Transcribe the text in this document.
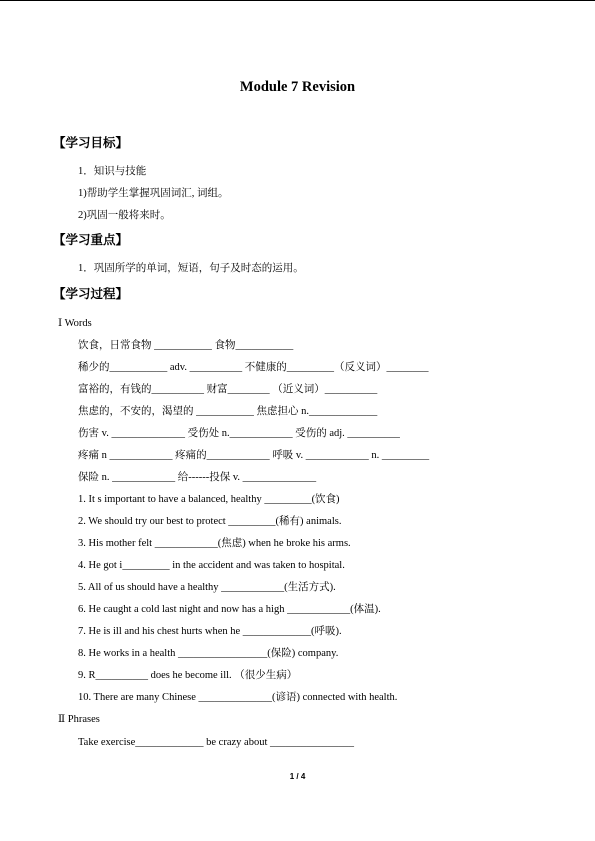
Module 7 Revision
【学习目标】
1．知识与技能
1)帮助学生掌握巩固词汇, 词组。
2)巩固一般将来时。
【学习重点】
1．巩固所学的单词，短语，句子及时态的运用。
【学习过程】
Ⅰ Words
饮食，日常食物 ___________ 食物___________
稀少的___________ adv. __________ 不健康的_________（反义词）________
富裕的，有钱的__________ 财富________ （近义词）__________
焦虑的，不安的，渴望的 ___________ 焦虑担心 n._____________
伤害 v. ______________ 受伤处 n.____________ 受伤的 adj. __________
疼痛 n ____________ 疼痛的____________ 呼吸 v. ____________ n. _________
保险 n. ____________ 给------投保 v. ______________
1. It s important to have a balanced, healthy _________(饮食)
2. We should try our best to protect _________(稀有) animals.
3. His mother felt ____________(焦虑) when he broke his arms.
4. He got i_________ in the accident and was taken to hospital.
5. All of us should have a healthy ____________(生活方式).
6. He caught a cold last night and now has a high ____________(体温).
7. He is ill and his chest hurts when he _____________(呼吸).
8. He works in a health _________________(保险) company.
9. R__________ does he become ill. （很少生病）
10. There are many Chinese ______________(谚语) connected with health.
Ⅱ Phrases
Take exercise_____________ be crazy about ________________
1 / 4
